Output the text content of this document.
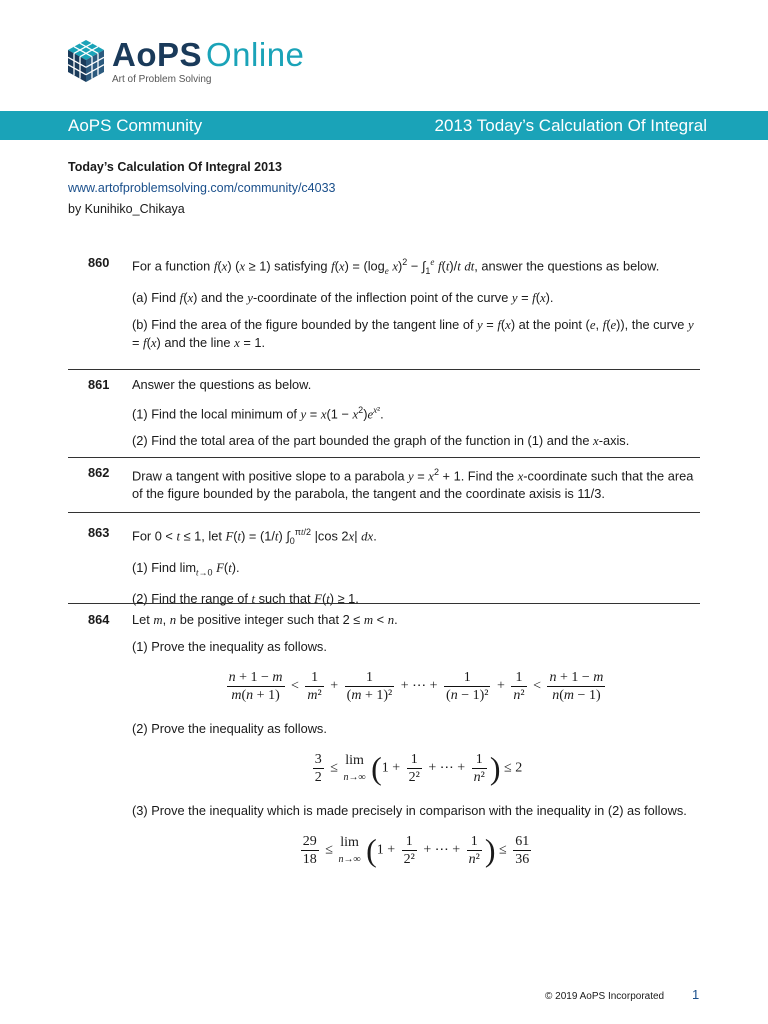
AoPS Online
Art of Problem Solving
AoPS Community	2013 Today’s Calculation Of Integral
Today’s Calculation Of Integral 2013
www.artofproblemsolving.com/community/c4033
by Kunihiko_Chikaya
860 For a function f(x) (x ≥ 1) satisfying $f(x) = (\log_e$ $x)^2 - \int_1^e$ f(t)/t dt, answer the questions as below.

(a) Find f(x) and the y-coordinate of the inflection point of the curve y = f(x).

(b) Find the area of the figure bounded by the tangent line of y = f(x) at the point (e, f(e)), the curve y = f(x) and the line x = 1.

861 Answer the questions as below.

(1) Find the local minimum of $y = x(1 - x^2)e^{x^2}$.

(2) Find the total area of the part bounded the graph of the function in (1) and the x-axis.

862 Draw a tangent with positive slope to a parabola $y = x^2 + 1$. Find the x-coordinate such that the area of the figure bounded by the parabola, the tangent and the coordinate axisis is 11/3.

863 For 0 < t ≤ 1, let F(t) = (1/t) $\int_0^{\pi t/2}$ |cos 2x| dx.

(1) Find $\lim_{t\to 0} F(t)$.

(2) Find the range of t such that F(t) ≥ 1.

864 Let m, n be positive integer such that 2 ≤ m < n.

(1) Prove the inequality as follows.

$\frac{n + 1 - m}{m(n + 1)} < \frac{1}{\text{m²}} + \frac{1}{\text{(m + 1)²}}$ + ⋯ + $\frac{1}{\text{(n − 1)²}} + \frac{1}{\text{n²}} < \frac{n + 1 - m}{n(m - 1)}$

(2) Prove the inequality as follows.

$\frac{3}{2}$ ≤
lim
n→∞ ($1 + \frac{1}{\text{2²}}$ + ⋯ + $\frac{1}{\text{n²}}$ ) ≤ 2

(3) Prove the inequality which is made precisely in comparison with the inequality in (2) as follows.

$\frac{29}{18}$ ≤
lim
n→∞ ($1 + \frac{1}{\text{2²}}$ + ⋯ + $\frac{1}{\text{n²}}$ ) ≤ $\frac{61}{36}$
© 2019 AoPS Incorporated	1
